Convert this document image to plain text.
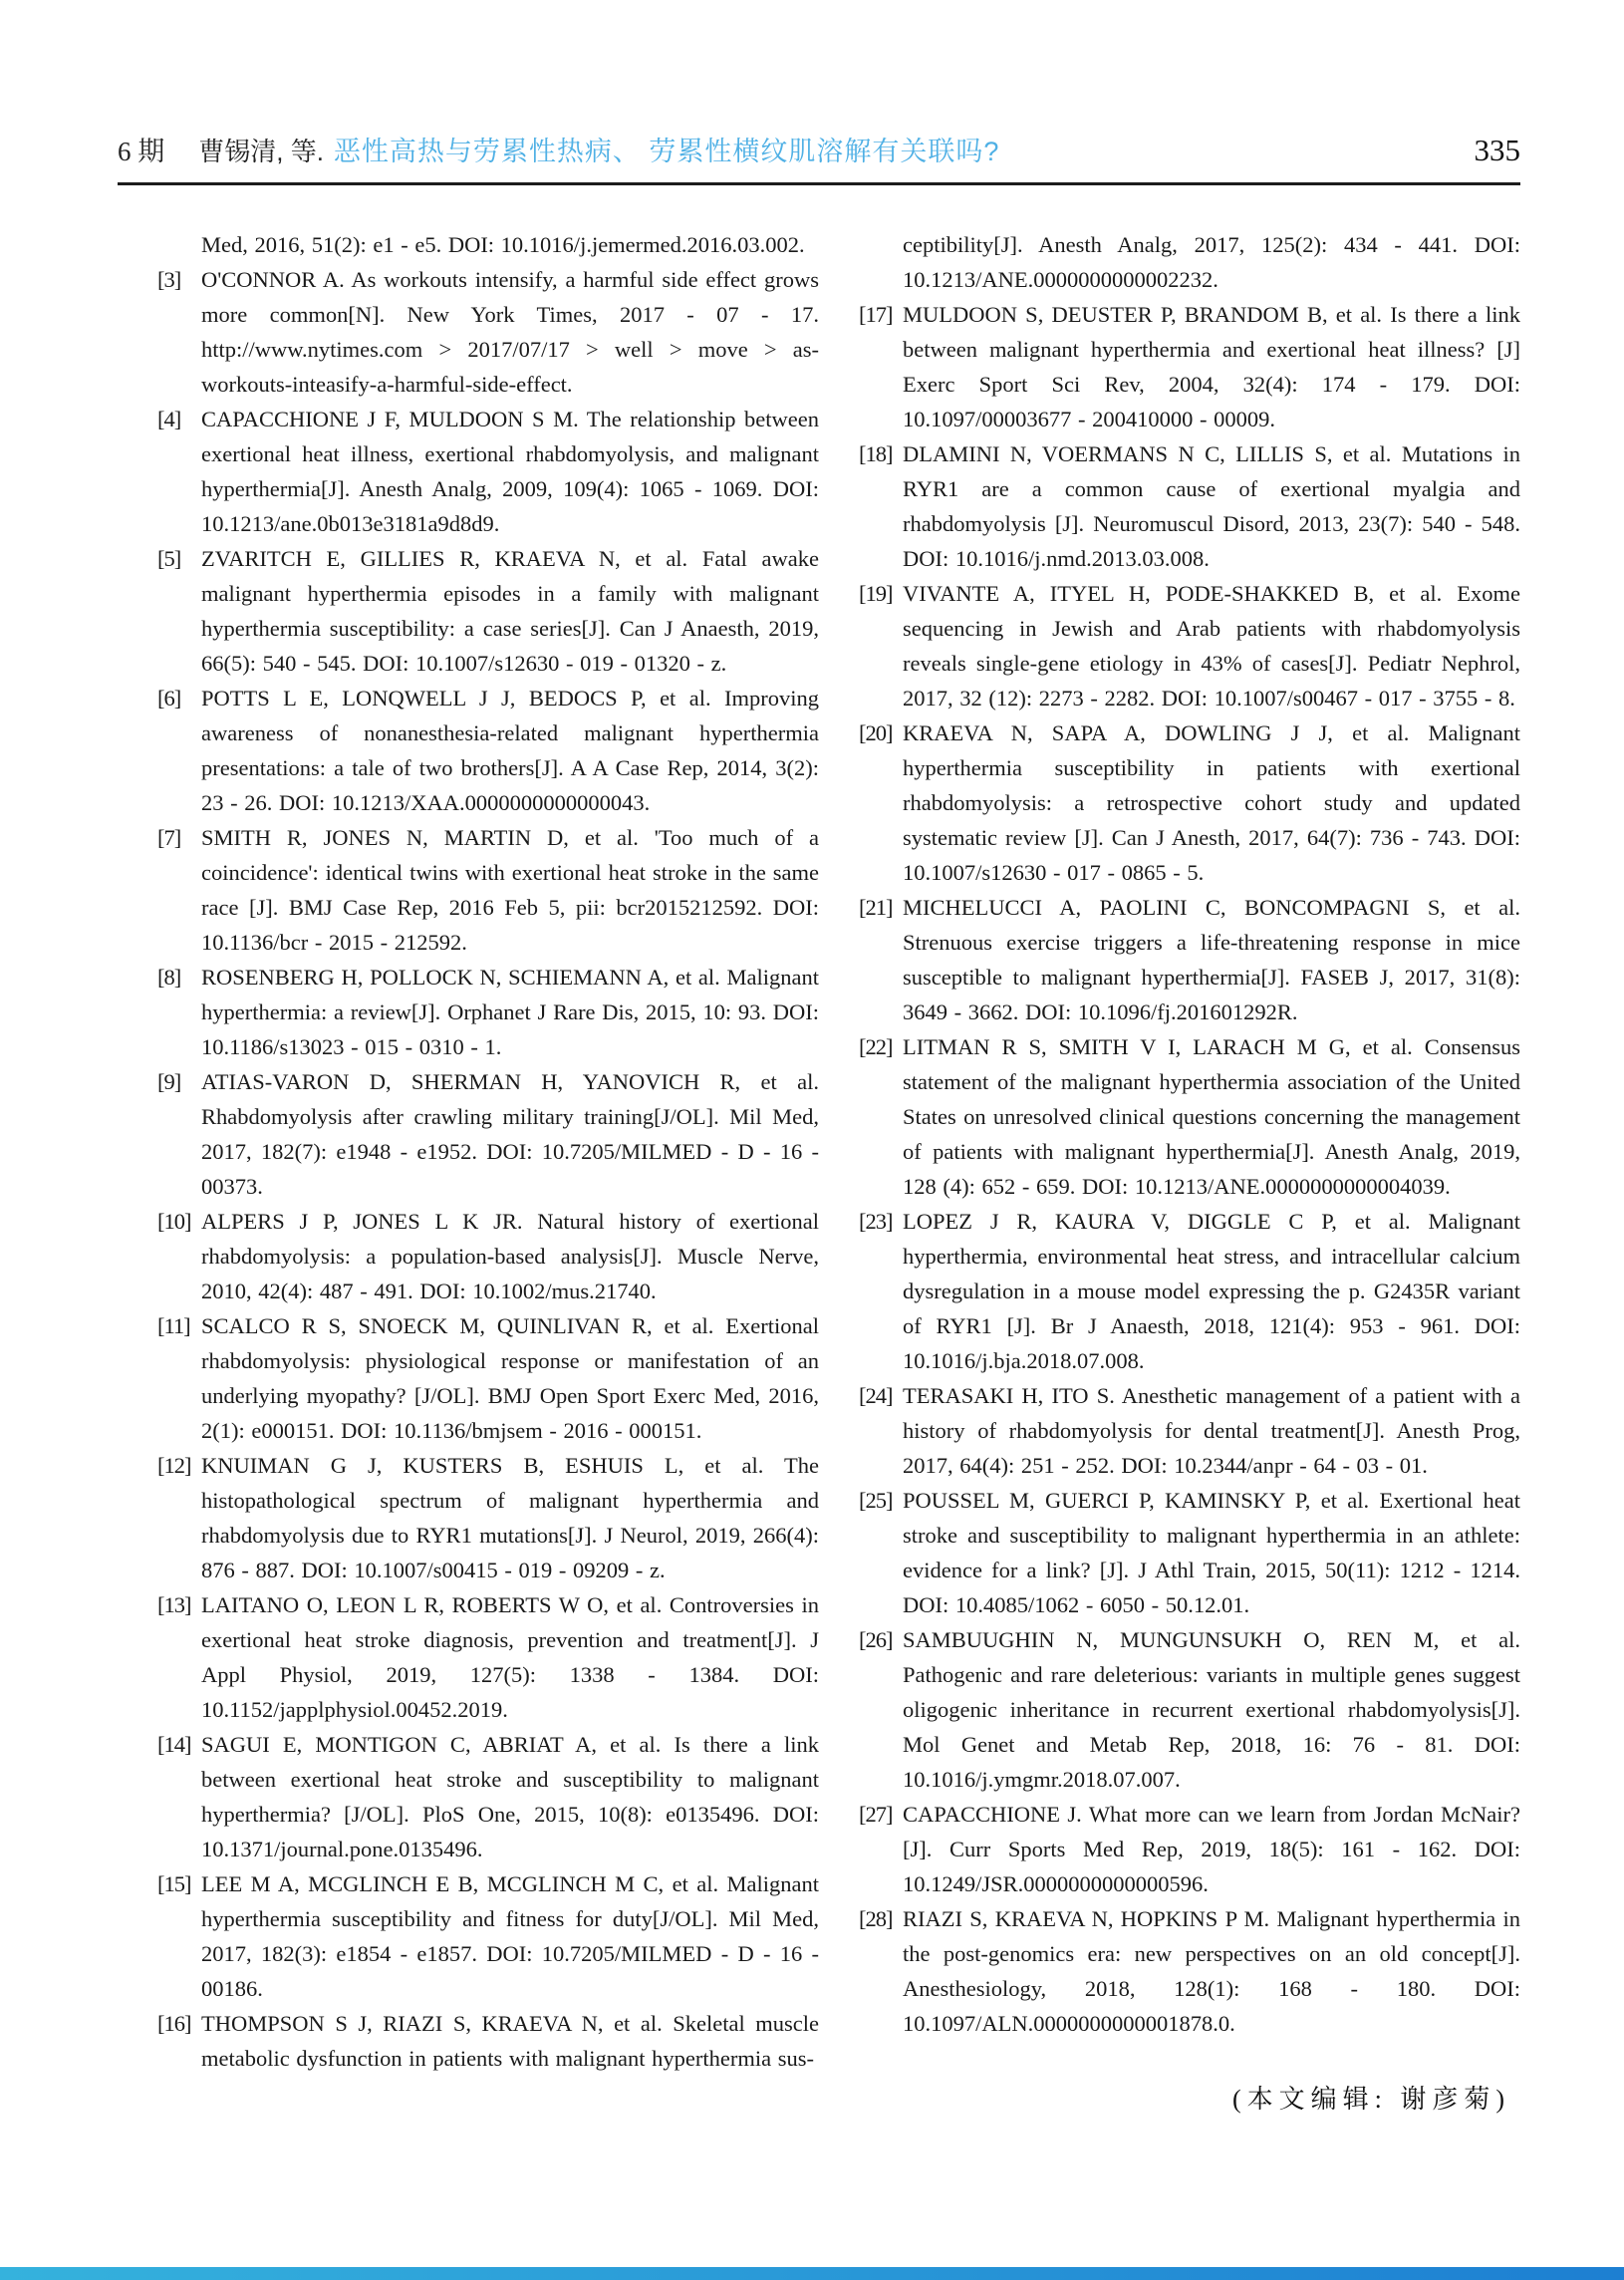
6 期 曹锡清, 等. 恶性高热与劳累性热病、 劳累性横纹肌溶解有关联吗?	335

Med, 2016, 51(2): e1 - e5. DOI: 10.1016/j.jemermed.2016.03.002.

[3] O'CONNOR A. As workouts intensify, a harmful side effect grows more common[N]. New York Times, 2017 - 07 - 17. http://www.nytimes.com > 2017/07/17 > well > move > as-workouts-inteasify-a-harmful-side-effect.

[4] CAPACCHIONE J F, MULDOON S M. The relationship between exertional heat illness, exertional rhabdomyolysis, and malignant hyperthermia[J]. Anesth Analg, 2009, 109(4): 1065 - 1069. DOI: 10.1213/ane.0b013e3181a9d8d9.

[5] ZVARITCH E, GILLIES R, KRAEVA N, et al. Fatal awake malignant hyperthermia episodes in a family with malignant hyperthermia susceptibility: a case series[J]. Can J Anaesth, 2019, 66(5): 540 - 545. DOI: 10.1007/s12630 - 019 - 01320 - z.

[6] POTTS L E, LONQWELL J J, BEDOCS P, et al. Improving awareness of nonanesthesia-related malignant hyperthermia presentations: a tale of two brothers[J]. A A Case Rep, 2014, 3(2): 23 - 26. DOI: 10.1213/XAA.0000000000000043.

[7] SMITH R, JONES N, MARTIN D, et al. 'Too much of a coincidence': identical twins with exertional heat stroke in the same race [J]. BMJ Case Rep, 2016 Feb 5, pii: bcr2015212592. DOI: 10.1136/bcr - 2015 - 212592.

[8] ROSENBERG H, POLLOCK N, SCHIEMANN A, et al. Malignant hyperthermia: a review[J]. Orphanet J Rare Dis, 2015, 10: 93. DOI: 10.1186/s13023 - 015 - 0310 - 1.

[9] ATIAS-VARON D, SHERMAN H, YANOVICH R, et al. Rhabdomyolysis after crawling military training[J/OL]. Mil Med, 2017, 182(7): e1948 - e1952. DOI: 10.7205/MILMED - D - 16 - 00373.

[10] ALPERS J P, JONES L K JR. Natural history of exertional rhabdomyolysis: a population-based analysis[J]. Muscle Nerve, 2010, 42(4): 487 - 491. DOI: 10.1002/mus.21740.

[11] SCALCO R S, SNOECK M, QUINLIVAN R, et al. Exertional rhabdomyolysis: physiological response or manifestation of an underlying myopathy? [J/OL]. BMJ Open Sport Exerc Med, 2016, 2(1): e000151. DOI: 10.1136/bmjsem - 2016 - 000151.

[12] KNUIMAN G J, KUSTERS B, ESHUIS L, et al. The histopathological spectrum of malignant hyperthermia and rhabdomyolysis due to RYR1 mutations[J]. J Neurol, 2019, 266(4): 876 - 887. DOI: 10.1007/s00415 - 019 - 09209 - z.

[13] LAITANO O, LEON L R, ROBERTS W O, et al. Controversies in exertional heat stroke diagnosis, prevention and treatment[J]. J Appl Physiol, 2019, 127(5): 1338 - 1384. DOI: 10.1152/japplphysiol.00452.2019.

[14] SAGUI E, MONTIGON C, ABRIAT A, et al. Is there a link between exertional heat stroke and susceptibility to malignant hyperthermia? [J/OL]. PloS One, 2015, 10(8): e0135496. DOI: 10.1371/journal.pone.0135496.

[15] LEE M A, MCGLINCH E B, MCGLINCH M C, et al. Malignant hyperthermia susceptibility and fitness for duty[J/OL]. Mil Med, 2017, 182(3): e1854 - e1857. DOI: 10.7205/MILMED - D - 16 - 00186.

[16] THOMPSON S J, RIAZI S, KRAEVA N, et al. Skeletal muscle metabolic dysfunction in patients with malignant hyperthermia sus-

ceptibility[J]. Anesth Analg, 2017, 125(2): 434 - 441. DOI: 10.1213/ANE.0000000000002232.

[17] MULDOON S, DEUSTER P, BRANDOM B, et al. Is there a link between malignant hyperthermia and exertional heat illness? [J] Exerc Sport Sci Rev, 2004, 32(4): 174 - 179. DOI: 10.1097/00003677 - 200410000 - 00009.

[18] DLAMINI N, VOERMANS N C, LILLIS S, et al. Mutations in RYR1 are a common cause of exertional myalgia and rhabdomyolysis [J]. Neuromuscul Disord, 2013, 23(7): 540 - 548. DOI: 10.1016/j.nmd.2013.03.008.

[19] VIVANTE A, ITYEL H, PODE-SHAKKED B, et al. Exome sequencing in Jewish and Arab patients with rhabdomyolysis reveals single-gene etiology in 43% of cases[J]. Pediatr Nephrol, 2017, 32 (12): 2273 - 2282. DOI: 10.1007/s00467 - 017 - 3755 - 8.

[20] KRAEVA N, SAPA A, DOWLING J J, et al. Malignant hyperthermia susceptibility in patients with exertional rhabdomyolysis: a retrospective cohort study and updated systematic review [J]. Can J Anesth, 2017, 64(7): 736 - 743. DOI: 10.1007/s12630 - 017 - 0865 - 5.

[21] MICHELUCCI A, PAOLINI C, BONCOMPAGNI S, et al. Strenuous exercise triggers a life-threatening response in mice susceptible to malignant hyperthermia[J]. FASEB J, 2017, 31(8): 3649 - 3662. DOI: 10.1096/fj.201601292R.

[22] LITMAN R S, SMITH V I, LARACH M G, et al. Consensus statement of the malignant hyperthermia association of the United States on unresolved clinical questions concerning the management of patients with malignant hyperthermia[J]. Anesth Analg, 2019, 128 (4): 652 - 659. DOI: 10.1213/ANE.0000000000004039.

[23] LOPEZ J R, KAURA V, DIGGLE C P, et al. Malignant hyperthermia, environmental heat stress, and intracellular calcium dysregulation in a mouse model expressing the p. G2435R variant of RYR1 [J]. Br J Anaesth, 2018, 121(4): 953 - 961. DOI: 10.1016/j.bja.2018.07.008.

[24] TERASAKI H, ITO S. Anesthetic management of a patient with a history of rhabdomyolysis for dental treatment[J]. Anesth Prog, 2017, 64(4): 251 - 252. DOI: 10.2344/anpr - 64 - 03 - 01.

[25] POUSSEL M, GUERCI P, KAMINSKY P, et al. Exertional heat stroke and susceptibility to malignant hyperthermia in an athlete: evidence for a link? [J]. J Athl Train, 2015, 50(11): 1212 - 1214. DOI: 10.4085/1062 - 6050 - 50.12.01.

[26] SAMBUUGHIN N, MUNGUNSUKH O, REN M, et al. Pathogenic and rare deleterious: variants in multiple genes suggest oligogenic inheritance in recurrent exertional rhabdomyolysis[J]. Mol Genet and Metab Rep, 2018, 16: 76 - 81. DOI: 10.1016/j.ymgmr.2018.07.007.

[27] CAPACCHIONE J. What more can we learn from Jordan McNair? [J]. Curr Sports Med Rep, 2019, 18(5): 161 - 162. DOI: 10.1249/JSR.0000000000000596.

[28] RIAZI S, KRAEVA N, HOPKINS P M. Malignant hyperthermia in the post-genomics era: new perspectives on an old concept[J]. Anesthesiology, 2018, 128(1): 168 - 180. DOI: 10.1097/ALN.0000000000001878.0.

(本文编辑: 谢彦菊)
